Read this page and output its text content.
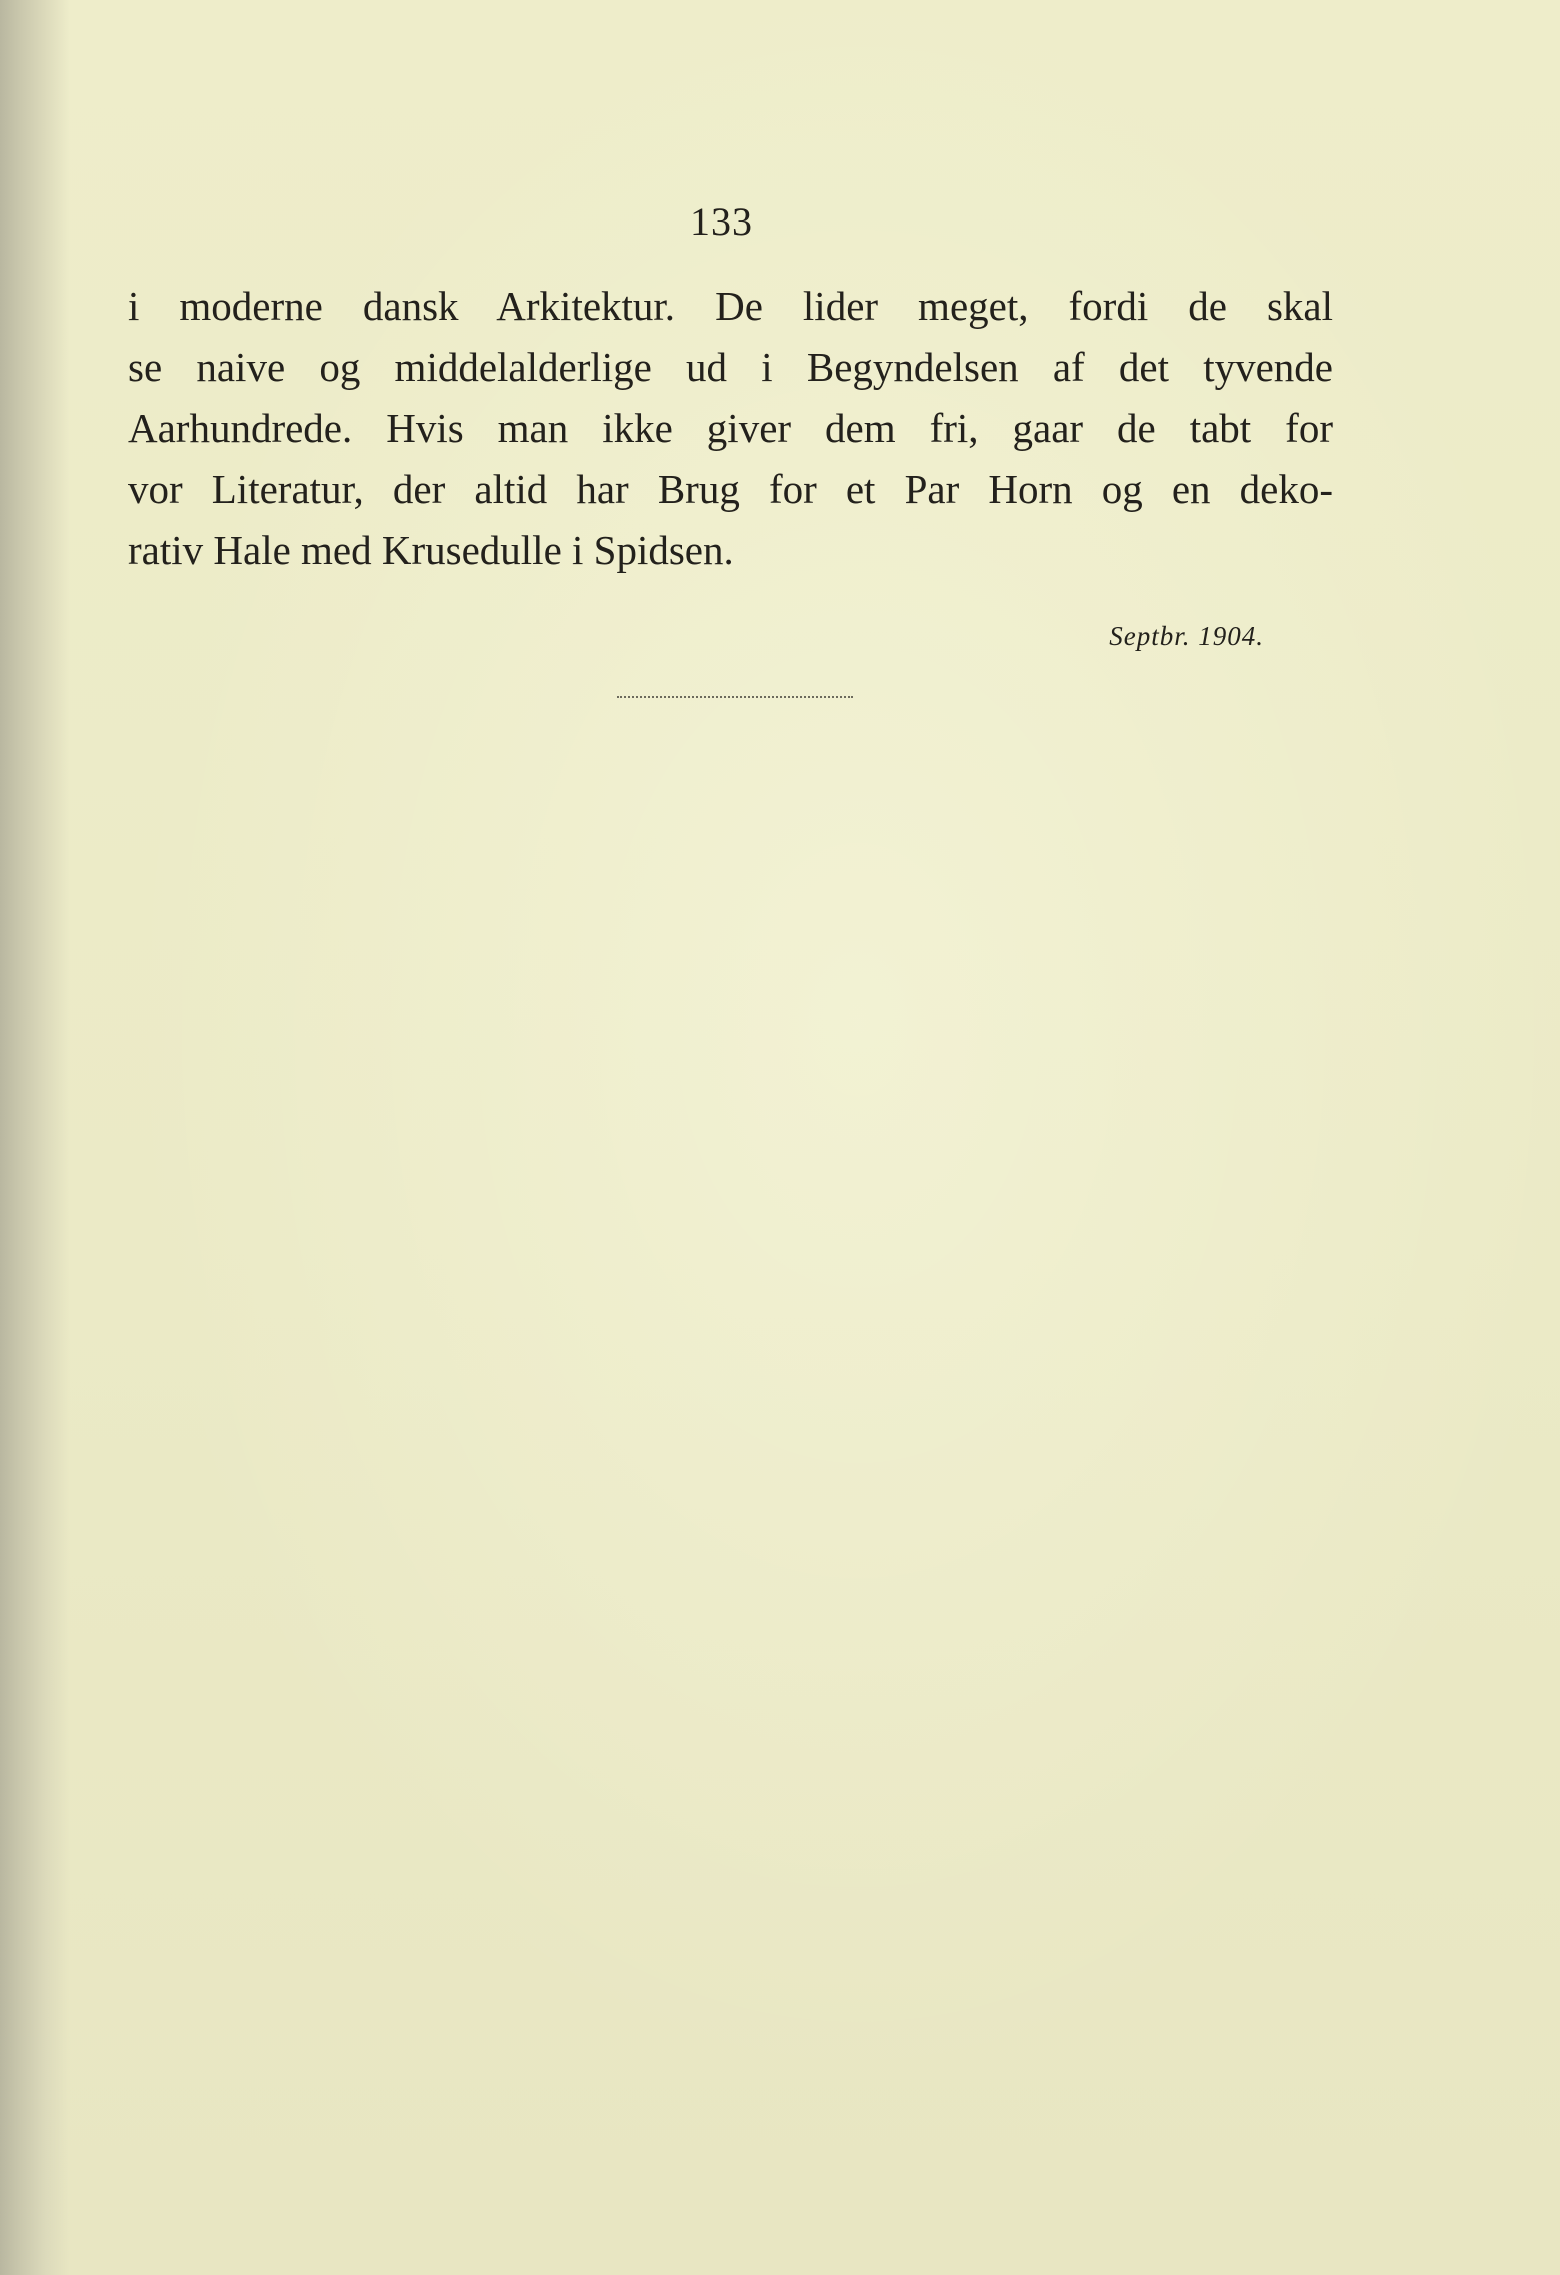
133

i moderne dansk Arkitektur. De lider meget, fordi de skal
se naive og middelalderlige ud i Begyndelsen af det tyvende
Aarhundrede. Hvis man ikke giver dem fri, gaar de tabt for
vor Literatur, der altid har Brug for et Par Horn og en deko-
rativ Hale med Krusedulle i Spidsen.

Septbr. 1904.
